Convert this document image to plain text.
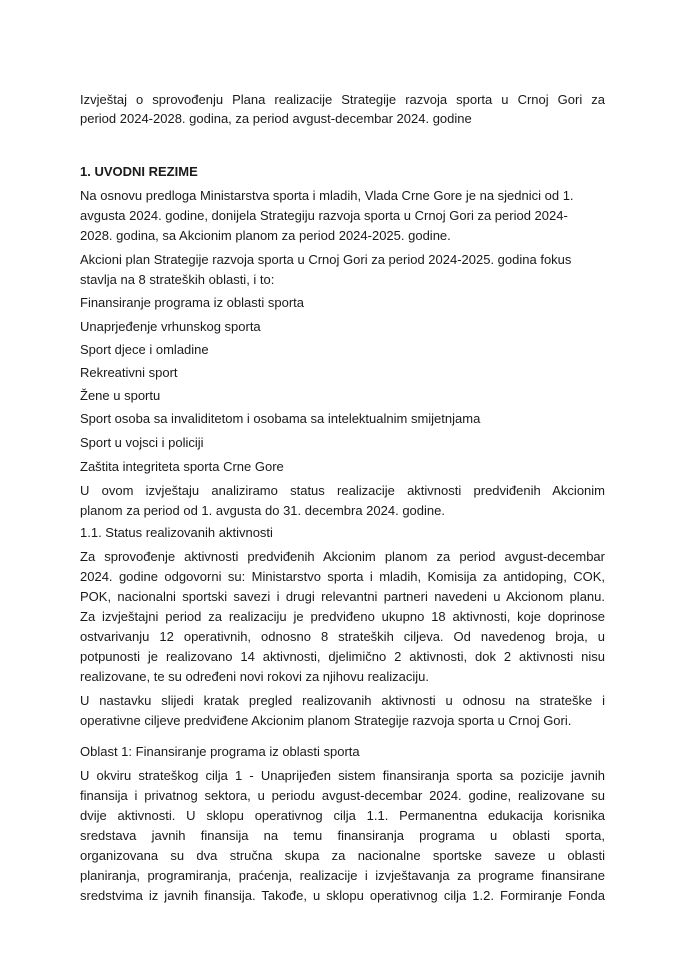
Izvještaj o sprovođenju Plana realizacije Strategije razvoja sporta u Crnoj Gori za
period 2024-2028. godina, za period avgust-decembar 2024. godine
1. UVODNI REZIME
Na osnovu predloga Ministarstva sporta i mladih, Vlada Crne Gore je na sjednici od 1.
avgusta 2024. godine, donijela Strategiju razvoja sporta u Crnoj Gori za period 2024-
2028. godina, sa Akcionim planom za period 2024-2025. godine.
Akcioni plan Strategije razvoja sporta u Crnoj Gori za period 2024-2025. godina fokus
stavlja na 8 strateških oblasti, i to:
Finansiranje programa iz oblasti sporta
Unaprjeđenje vrhunskog sporta
Sport djece i omladine
Rekreativni sport
Žene u sportu
Sport osoba sa invaliditetom i osobama sa intelektualnim smijetnjama
Sport u vojsci i policiji
Zaštita integriteta sporta Crne Gore
U ovom izvještaju analiziramo status realizacije aktivnosti predviđenih Akcionim
planom za period od 1. avgusta do 31. decembra 2024. godine.
1.1. Status realizovanih aktivnosti
Za sprovođenje aktivnosti predviđenih Akcionim planom za period avgust-decembar
2024. godine odgovorni su: Ministarstvo sporta i mladih, Komisija za antidoping, COK,
POK, nacionalni sportski savezi i drugi relevantni partneri navedeni u Akcionom planu.
Za izvještajni period za realizaciju je predviđeno ukupno 18 aktivnosti, koje doprinose
ostvarivanju 12 operativnih, odnosno 8 strateških ciljeva. Od navedenog broja, u
potpunosti je realizovano 14 aktivnosti, djelimično 2 aktivnosti, dok 2 aktivnosti nisu
realizovane, te su određeni novi rokovi za njihovu realizaciju.
U nastavku slijedi kratak pregled realizovanih aktivnosti u odnosu na strateške i
operativne ciljeve predviđene Akcionim planom Strategije razvoja sporta u Crnoj Gori.
Oblast 1: Finansiranje programa iz oblasti sporta
U okviru strateškog cilja 1 - Unaprijeđen sistem finansiranja sporta sa pozicije javnih
finansija i privatnog sektora, u periodu avgust-decembar 2024. godine, realizovane su
dvije aktivnosti. U sklopu operativnog cilja 1.1. Permanentna edukacija korisnika
sredstava javnih finansija na temu finansiranja programa u oblasti sporta,
organizovana su dva stručna skupa za nacionalne sportske saveze u oblasti
planiranja, programiranja, praćenja, realizacije i izvještavanja za programe finansirane
sredstvima iz javnih finansija. Takođe, u sklopu operativnog cilja 1.2. Formiranje Fonda
